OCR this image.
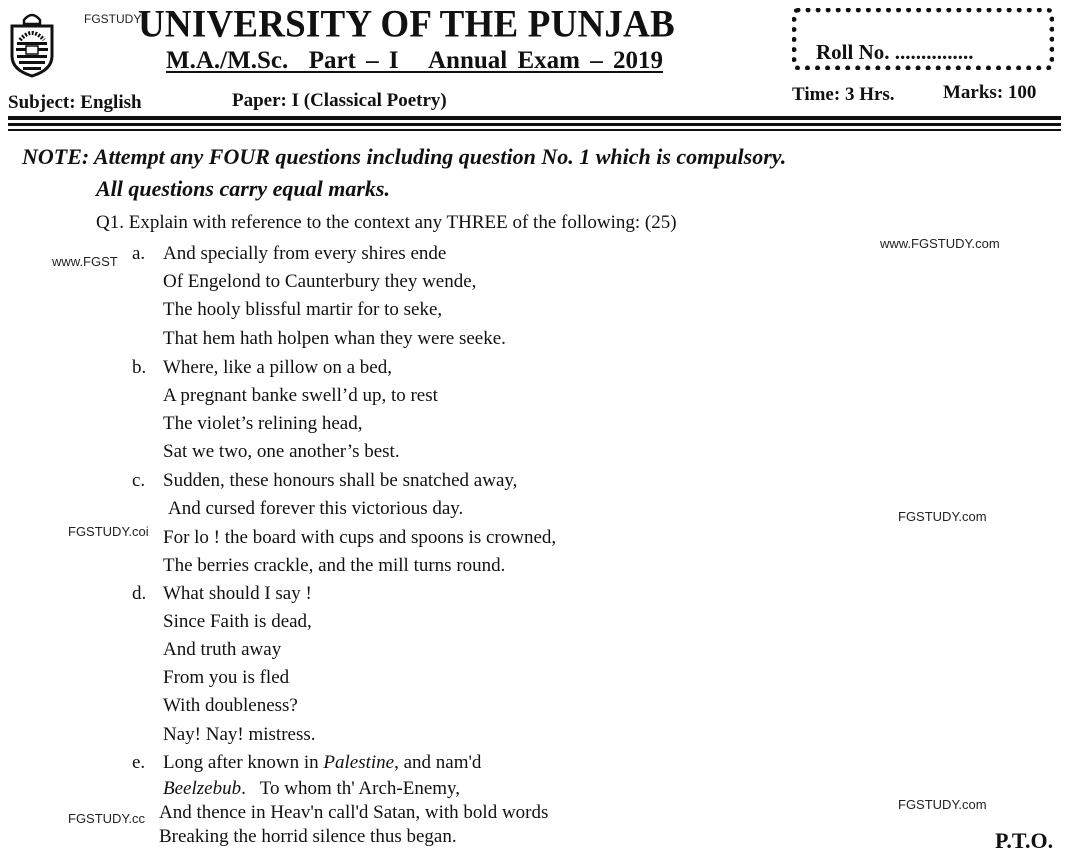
FGSTUDY
UNIVERSITY OF THE PUNJAB
M.A./M.Sc.  Part – I   Annual Exam – 2019
Subject: English	Paper: I (Classical Poetry)
Roll No. ...............
Time: 3 Hrs.	Marks: 100
NOTE: Attempt any FOUR questions including question No. 1 which is compulsory.
All questions carry equal marks.
Q1. Explain with reference to the context any THREE of the following: (25)
www.FGSTUDY.com
www.FGST
FGSTUDY.coi
FGSTUDY.com
FGSTUDY.cc
FGSTUDY.com
a. And specially from every shires ende
Of Engelond to Caunterbury they wende,
The hooly blissful martir for to seke,
That hem hath holpen whan they were seeke.
b. Where, like a pillow on a bed,
A pregnant banke swell’d up, to rest
The violet’s relining head,
Sat we two, one another’s best.
c. Sudden, these honours shall be snatched away,
And cursed forever this victorious day.
For lo ! the board with cups and spoons is crowned,
The berries crackle, and the mill turns round.
d. What should I say !
Since Faith is dead,
And truth away
From you is fled
With doubleness?
Nay! Nay! mistress.
e. Long after known in Palestine, and nam'd
Beelzebub.   To whom th' Arch-Enemy,
And thence in Heav'n call'd Satan, with bold words
Breaking the horrid silence thus began.	P.T.O.
